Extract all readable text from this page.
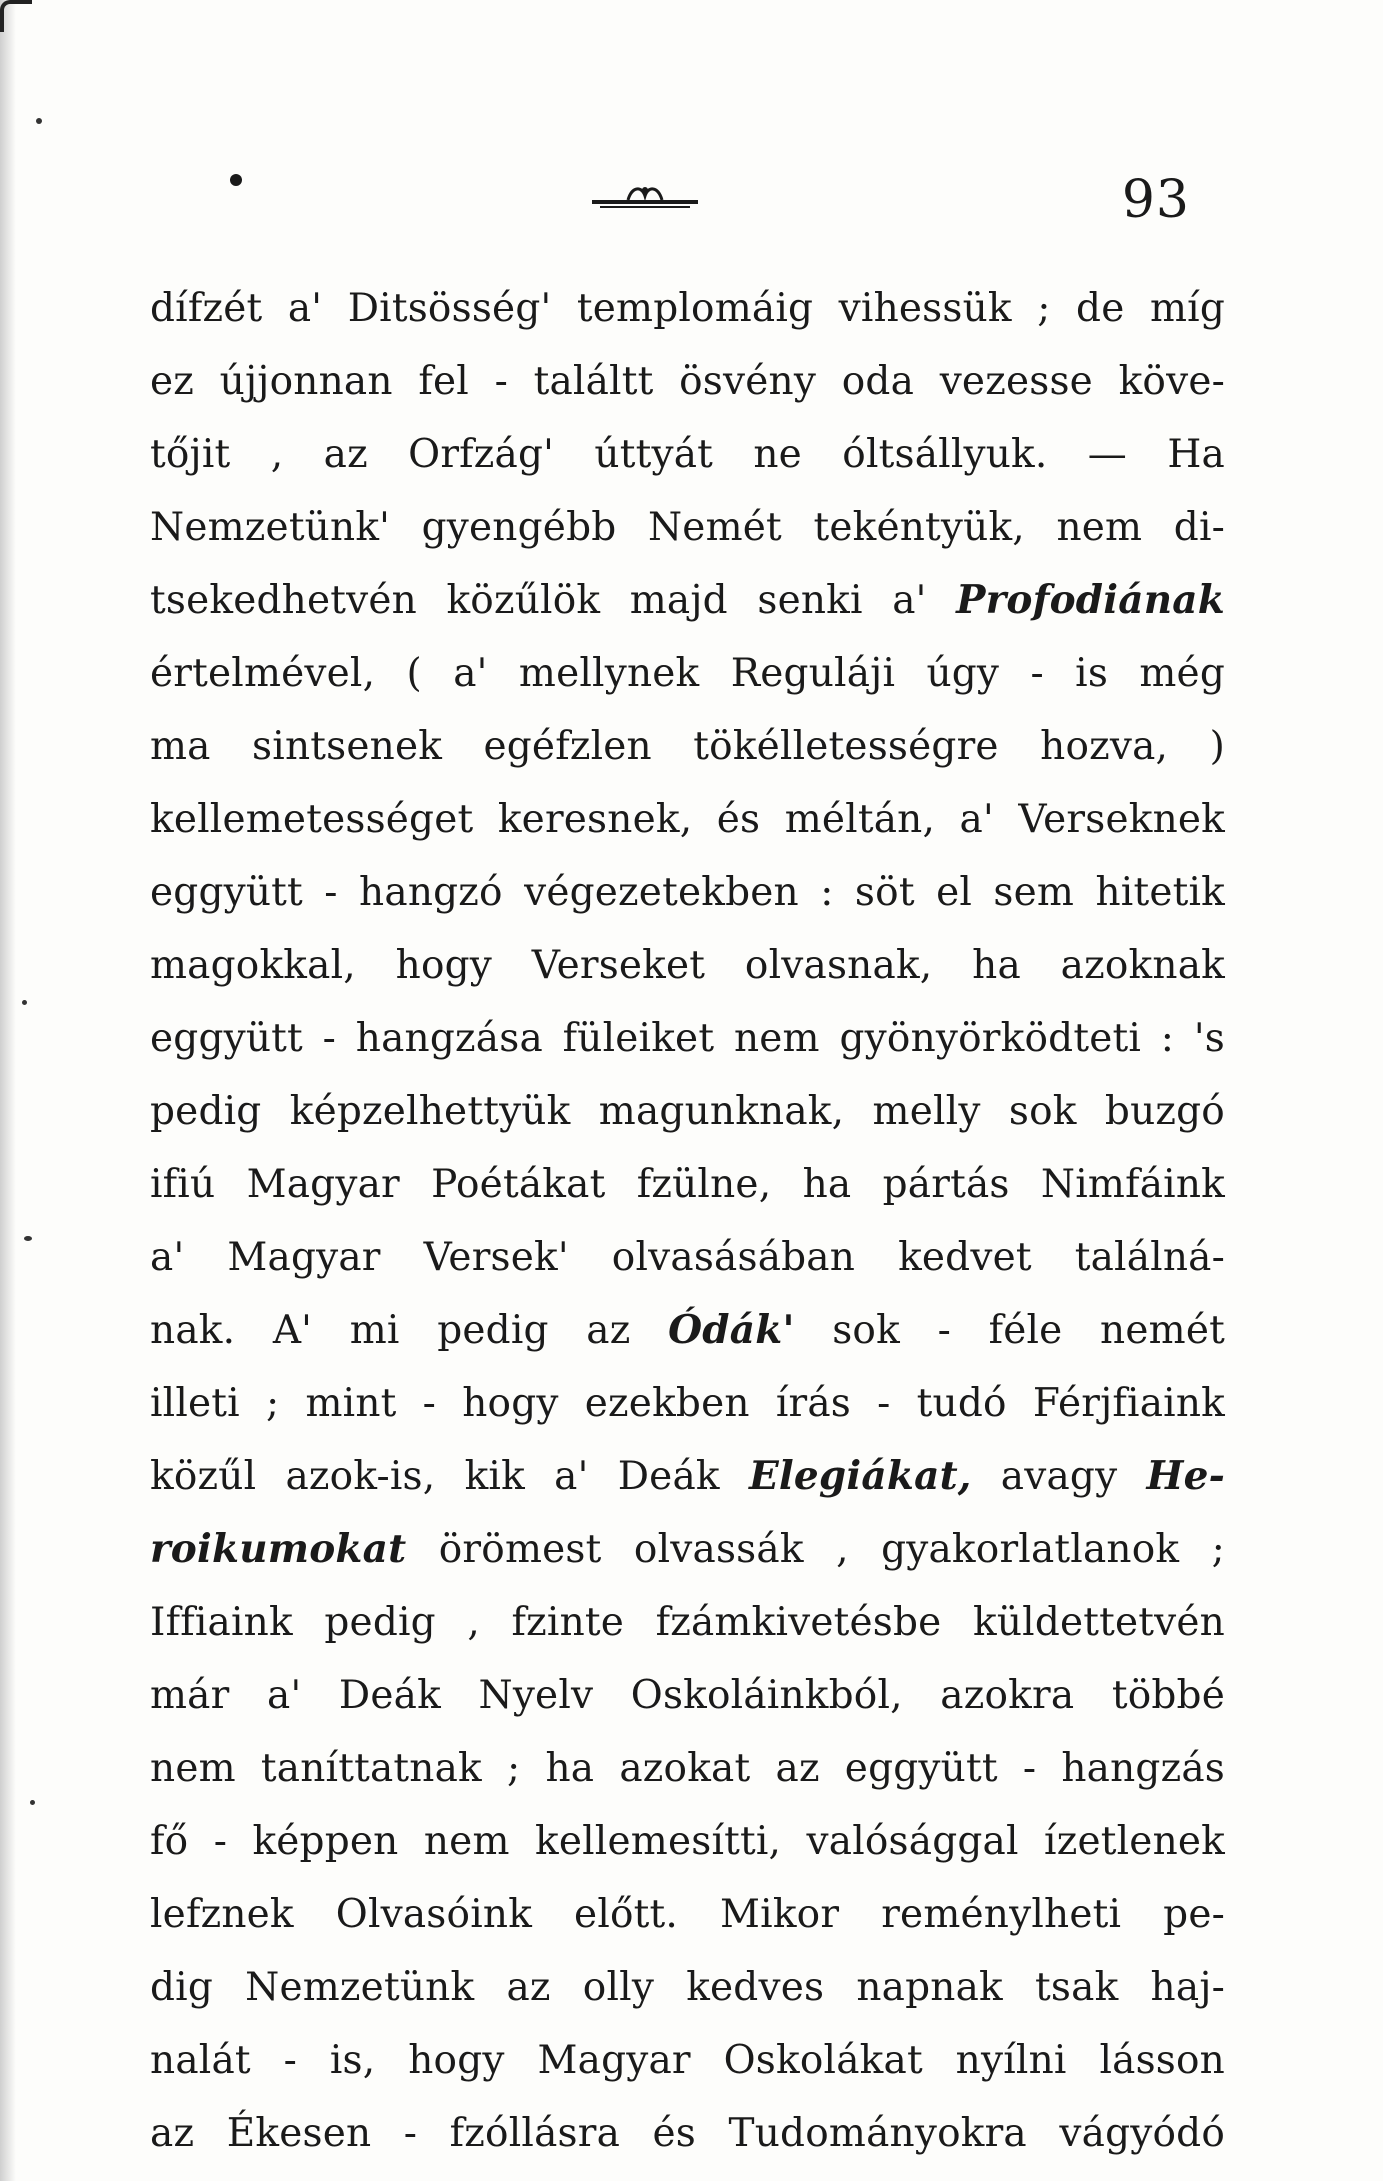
93
dífzét a' Ditsösség' templomáig vihessük ; de míg
ez újjonnan fel - találtt ösvény oda vezesse köve-
tőjit , az Orfzág' úttyát ne óltsállyuk. — Ha
Nemzetünk' gyengébb Nemét tekéntyük, nem di-
tsekedhetvén közűlök majd senki a' Profodiának
értelmével, ( a' mellynek Reguláji úgy - is még
ma sintsenek egéfzlen tökélletességre hozva, )
kellemetességet keresnek, és méltán, a' Verseknek
eggyütt - hangzó végezetekben : söt el sem hitetik
magokkal, hogy Verseket olvasnak, ha azoknak
eggyütt - hangzása füleiket nem gyönyörködteti : 's
pedig képzelhettyük magunknak, melly sok buzgó
ifiú Magyar Poétákat fzülne, ha pártás Nimfáink
a' Magyar Versek' olvasásában kedvet találná-
nak. A' mi pedig az Ódák' sok - féle nemét
illeti ; mint - hogy ezekben írás - tudó Férjfiaink
közűl azok-is, kik a' Deák Elegiákat, avagy He-
roikumokat örömest olvassák , gyakorlatlanok ;
Iffiaink pedig , fzinte fzámkivetésbe küldettetvén
már a' Deák Nyelv Oskoláinkból, azokra többé
nem taníttatnak ; ha azokat az eggyütt - hangzás
fő - képpen nem kellemesítti, valósággal ízetlenek
lefznek Olvasóink előtt. Mikor reménylheti pe-
dig Nemzetünk az olly kedves napnak tsak haj-
nalát - is, hogy Magyar Oskolákat nyílni lásson
az Ékesen - fzóllásra és Tudományokra vágyódó
